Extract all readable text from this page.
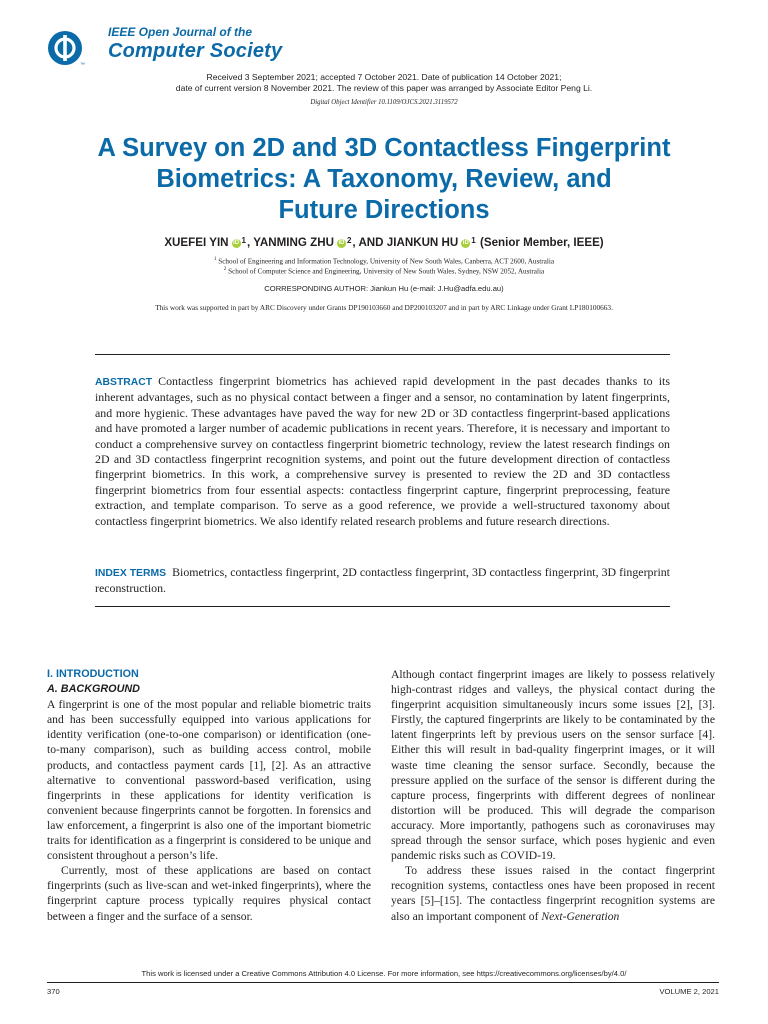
™
IEEE Open Journal of the
Computer Society
Received 3 September 2021; accepted 7 October 2021. Date of publication 14 October 2021;
date of current version 8 November 2021. The review of this paper was arranged by Associate Editor Peng Li.
Digital Object Identifier 10.1109/OJCS.2021.3119572
A Survey on 2D and 3D Contactless Fingerprint
Biometrics: A Taxonomy, Review, and
Future Directions
XUEFEI YIN iD $^1$, YANMING ZHU iD $^2$, AND JIANKUN HU iD $^1$ (Senior Member, IEEE)
$^1$ School of Engineering and Information Technology, University of New South Wales, Canberra, ACT 2600, Australia
$^2$ School of Computer Science and Engineering, University of New South Wales, Sydney, NSW 2052, Australia
CORRESPONDING AUTHOR: Jiankun Hu (e-mail: J.Hu@adfa.edu.au)
This work was supported in part by ARC Discovery under Grants DP190103660 and DP200103207 and in part by ARC Linkage under Grant LP180100663.
ABSTRACT Contactless fingerprint biometrics has achieved rapid development in the past decades thanks to its inherent advantages, such as no physical contact between a finger and a sensor, no contamination by latent fingerprints, and more hygienic. These advantages have paved the way for new 2D or 3D contactless fingerprint-based applications and have promoted a larger number of academic publications in recent years. Therefore, it is necessary and important to conduct a comprehensive survey on contactless fingerprint biometric technology, review the latest research findings on 2D and 3D contactless fingerprint recognition systems, and point out the future development direction of contactless fingerprint biometrics. In this work, a comprehensive survey is presented to review the 2D and 3D contactless fingerprint biometrics from four essential aspects: contactless fingerprint capture, fingerprint preprocessing, feature extraction, and template comparison. To serve as a good reference, we provide a well-structured taxonomy about contactless fingerprint biometrics. We also identify related research problems and future research directions.
INDEX TERMS Biometrics, contactless fingerprint, 2D contactless fingerprint, 3D contactless fingerprint, 3D fingerprint reconstruction.
I. INTRODUCTION
A. BACKGROUND

A fingerprint is one of the most popular and reliable biometric traits and has been successfully equipped into various applications for identity verification (one-to-one comparison) or identification (one-to-many comparison), such as building access control, mobile products, and contactless payment cards [1], [2]. As an attractive alternative to conventional password-based verification, using fingerprints in these applications for identity verification is convenient because fingerprints cannot be forgotten. In forensics and law enforcement, a fingerprint is also one of the important biometric traits for identification as a fingerprint is considered to be unique and consistent throughout a person’s life.

Currently, most of these applications are based on contact fingerprints (such as live-scan and wet-inked fingerprints), where the fingerprint capture process typically requires physical contact between a finger and the surface of a sensor.

Although contact fingerprint images are likely to possess relatively high-contrast ridges and valleys, the physical contact during the fingerprint acquisition simultaneously incurs some issues [2], [3]. Firstly, the captured fingerprints are likely to be contaminated by the latent fingerprints left by previous users on the sensor surface [4]. Either this will result in bad-quality fingerprint images, or it will waste time cleaning the sensor surface. Secondly, because the pressure applied on the surface of the sensor is different during the capture process, fingerprints with different degrees of nonlinear distortion will be produced. This will degrade the comparison accuracy. More importantly, pathogens such as coronaviruses may spread through the sensor surface, which poses hygienic and even pandemic risks such as COVID-19.

To address these issues raised in the contact fingerprint recognition systems, contactless ones have been proposed in recent years [5]–[15]. The contactless fingerprint recognition systems are also an important component of Next-Generation

This work is licensed under a Creative Commons Attribution 4.0 License. For more information, see https://creativecommons.org/licenses/by/4.0/
370	VOLUME 2, 2021
